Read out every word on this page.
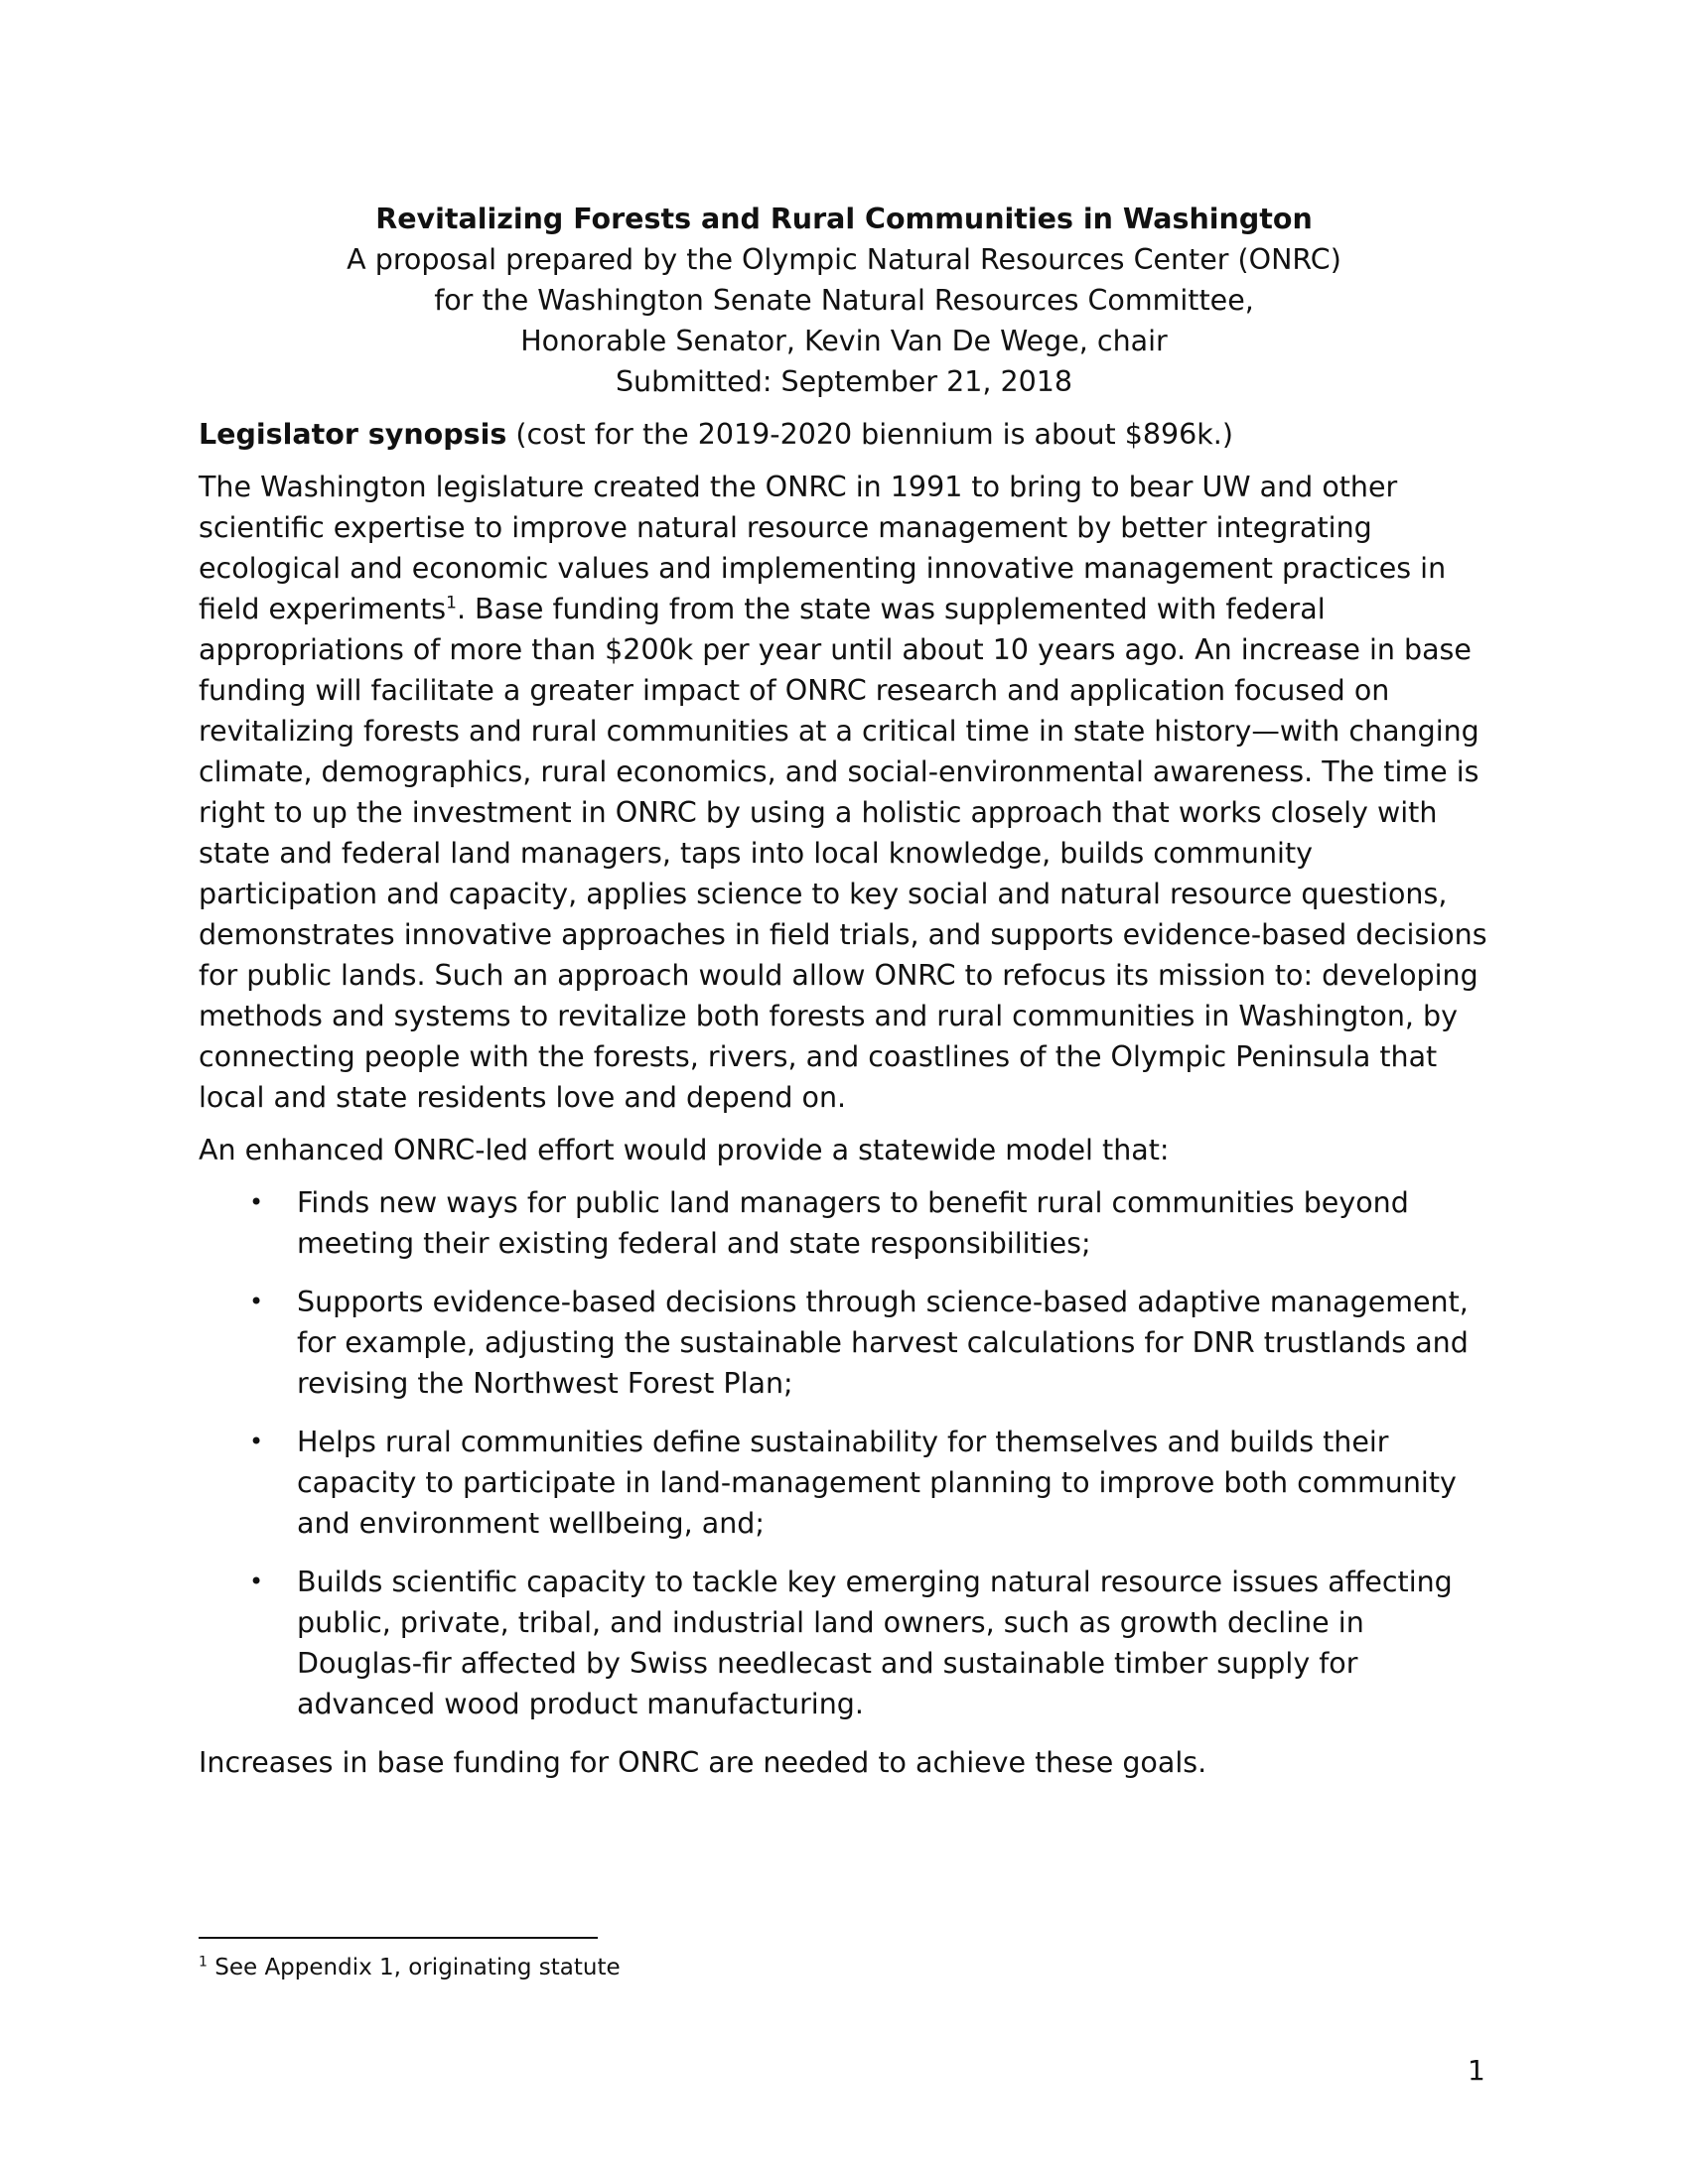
Revitalizing Forests and Rural Communities in Washington
A proposal prepared by the Olympic Natural Resources Center (ONRC)
for the Washington Senate Natural Resources Committee,
Honorable Senator, Kevin Van De Wege, chair
Submitted: September 21, 2018

Legislator synopsis (cost for the 2019-2020 biennium is about $896k.)

The Washington legislature created the ONRC in 1991 to bring to bear UW and other scientific expertise to improve natural resource management by better integrating ecological and economic values and implementing innovative management practices in field experiments$^1$. Base funding from the state was supplemented with federal appropriations of more than $200k per year until about 10 years ago. An increase in base funding will facilitate a greater impact of ONRC research and application focused on revitalizing forests and rural communities at a critical time in state history—with changing climate, demographics, rural economics, and social-environmental awareness. The time is right to up the investment in ONRC by using a holistic approach that works closely with state and federal land managers, taps into local knowledge, builds community participation and capacity, applies science to key social and natural resource questions, demonstrates innovative approaches in field trials, and supports evidence-based decisions for public lands. Such an approach would allow ONRC to refocus its mission to: developing methods and systems to revitalize both forests and rural communities in Washington, by connecting people with the forests, rivers, and coastlines of the Olympic Peninsula that local and state residents love and depend on.

An enhanced ONRC-led effort would provide a statewide model that:

• Finds new ways for public land managers to benefit rural communities beyond meeting their existing federal and state responsibilities;
• Supports evidence-based decisions through science-based adaptive management, for example, adjusting the sustainable harvest calculations for DNR trustlands and revising the Northwest Forest Plan;
• Helps rural communities define sustainability for themselves and builds their capacity to participate in land-management planning to improve both community and environment wellbeing, and;
• Builds scientific capacity to tackle key emerging natural resource issues affecting public, private, tribal, and industrial land owners, such as growth decline in Douglas-fir affected by Swiss needlecast and sustainable timber supply for advanced wood product manufacturing.

Increases in base funding for ONRC are needed to achieve these goals.

$^1$ See Appendix 1, originating statute
1
